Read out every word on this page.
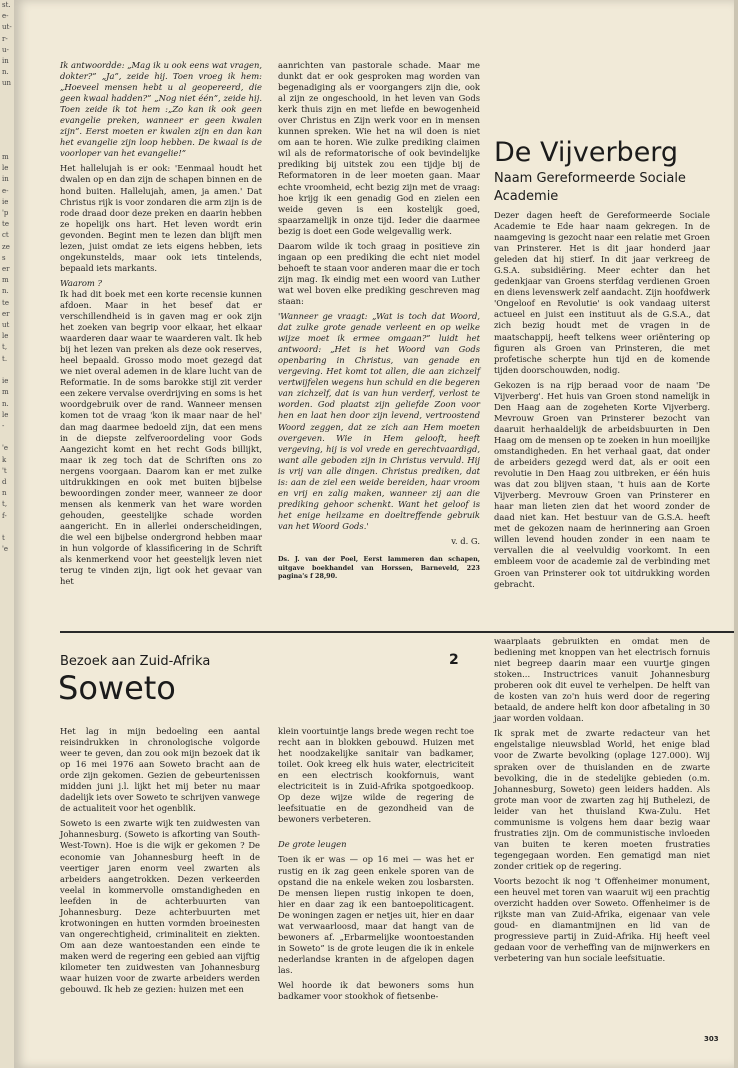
st.
e-
ut-
r-
u-
in
n.
un

m
le
in
e-
ie
'p
te
ct
ze
s
er
m
n.
te
er
ut
le
t,
t.

ie
m
n.
le
-

'e
k
't
d
n
t,
f-

t
'e

Ik antwoordde: „Mag ik u ook eens wat vragen, dokter?” „Ja”, zeide hij. Toen vroeg ik hem: „Hoeveel mensen hebt u al geopereerd, die geen kwaal hadden?” „Nog niet één”, zeide hij. Toen zeide ik tot hem :„Zo kan ik ook geen evangelie preken, wanneer er geen kwalen zijn”. Eerst moeten er kwalen zijn en dan kan het evangelie zijn loop hebben. De kwaal is de voorloper van het evangelie!”

Het hallelujah is er ook: 'Eenmaal houdt het dwalen op en dan zijn de schapen binnen en de hond buiten. Hallelujah, amen, ja amen.' Dat Christus rijk is voor zondaren die arm zijn is de rode draad door deze preken en daarin hebben ze hopelijk ons hart. Het leven wordt erin gevonden. Begint men te lezen dan blijft men lezen, juist omdat ze iets eigens hebben, iets ongekunstelds, maar ook iets tintelends, bepaald iets markants.

Waarom ?

Ik had dit boek met een korte recensie kunnen afdoen. Maar in het besef dat er verschillendheid is in gaven mag er ook zijn het zoeken van begrip voor elkaar, het elkaar waarderen daar waar te waarderen valt. Ik heb bij het lezen van preken als deze ook reserves, heel bepaald. Grosso modo moet gezegd dat we niet overal ademen in de klare lucht van de Reformatie. In de soms barokke stijl zit verder een zekere vervalse overdrijving en soms is het woordgebruik over de rand. Wanneer mensen komen tot de vraag 'kon ik maar naar de hel' dan mag daarmee bedoeld zijn, dat een mens in de diepste zelfveroordeling voor Gods Aangezicht komt en het recht Gods billijkt, maar ik zeg toch dat de Schriften ons zo nergens voorgaan. Daarom kan er met zulke uitdrukkingen en ook met buiten bijbelse bewoordingen zonder meer, wanneer ze door mensen als kenmerk van het ware worden gehouden, geestelijke schade worden aangericht. En in allerlei onderscheidingen, die wel een bijbelse ondergrond hebben maar in hun volgorde of klassificering in de Schrift als kenmerkend voor het geestelijk leven niet terug te vinden zijn, ligt ook het gevaar van het

aanrichten van pastorale schade. Maar me dunkt dat er ook gesproken mag worden van begenadiging als er voorgangers zijn die, ook al zijn ze ongeschoold, in het leven van Gods kerk thuis zijn en met liefde en bewogenheid over Christus en Zijn werk voor en in mensen kunnen spreken. Wie het na wil doen is niet om aan te horen. Wie zulke prediking claimen wil als de reformatorische of ook bevindelijke prediking bij uitstek zou een tijdje bij de Reformatoren in de leer moeten gaan. Maar echte vroomheid, echt bezig zijn met de vraag: hoe krijg ik een genadig God en zielen een weide geven is een kostelijk goed, spaarzamelijk in onze tijd. Ieder die daarmee bezig is doet een Gode welgevallig werk.

Daarom wilde ik toch graag in positieve zin ingaan op een prediking die echt niet model behoeft te staan voor anderen maar die er toch zijn mag. Ik eindig met een woord van Luther wat wel boven elke prediking geschreven mag staan:

'Wanneer ge vraagt: „Wat is toch dat Woord, dat zulke grote genade verleent en op welke wijze moet ik ermee omgaan?” luidt het antwoord: „Het is het Woord van Gods openbaring in Christus, van genade en vergeving. Het komt tot allen, die aan zichzelf vertwijfelen wegens hun schuld en die begeren van zichzelf, dat is van hun verderf, verlost te worden. God plaatst zijn geliefde Zoon voor hen en laat hen door zijn levend, vertroostend Woord zeggen, dat ze zich aan Hem moeten overgeven. Wie in Hem gelooft, heeft vergeving, hij is vol vrede en gerechtvaardigd, want alle geboden zijn in Christus vervuld. Hij is vrij van alle dingen. Christus prediken, dat is: aan de ziel een weide bereiden, haar vroom en vrij en zalig maken, wanneer zij aan die prediking gehoor schenkt. Want het geloof is het enige heilzame en doeltreffende gebruik van het Woord Gods.'

v. d. G.

Ds. J. van der Poel, Eerst lammeren dan schapen, uitgave boekhandel van Horssen, Barneveld, 223 pagina's f 28,90.
De Vijverberg
Naam Gereformeerde Sociale Academie

Dezer dagen heeft de Gereformeerde Sociale Academie te Ede haar naam gekregen. In de naamgeving is gezocht naar een relatie met Groen van Prinsterer. Het is dit jaar honderd jaar geleden dat hij stierf. In dit jaar verkreeg de G.S.A. subsidiëring. Meer echter dan het gedenkjaar van Groens sterfdag verdienen Groen en diens levenswerk zelf aandacht. Zijn hoofdwerk 'Ongeloof en Revolutie' is ook vandaag uiterst actueel en juist een instituut als de G.S.A., dat zich bezig houdt met de vragen in de maatschappij, heeft telkens weer oriëntering op figuren als Groen van Prinsteren, die met profetische scherpte hun tijd en de komende tijden doorschouwden, nodig.

Gekozen is na rijp beraad voor de naam 'De Vijverberg'. Het huis van Groen stond namelijk in Den Haag aan de zogeheten Korte Vijverberg. Mevrouw Groen van Prinsterer bezocht van daaruit herhaaldelijk de arbeidsbuurten in Den Haag om de mensen op te zoeken in hun moeilijke omstandigheden. En het verhaal gaat, dat onder de arbeiders gezegd werd dat, als er ooit een revolutie in Den Haag zou uitbreken, er één huis was dat zou blijven staan, 't huis aan de Korte Vijverberg. Mevrouw Groen van Prinsterer en haar man lieten zien dat het woord zonder de daad niet kan. Het bestuur van de G.S.A. heeft met de gekozen naam de herinnering aan Groen willen levend houden zonder in een naam te vervallen die al veelvuldig voorkomt. In een embleem voor de academie zal de verbinding met Groen van Prinsterer ook tot uitdrukking worden gebracht.

Bezoek aan Zuid-Afrika	2
Soweto

Het lag in mijn bedoeling een aantal reisindrukken in chronologische volgorde weer te geven, dan zou ook mijn bezoek dat ik op 16 mei 1976 aan Soweto bracht aan de orde zijn gekomen. Gezien de gebeurtenissen midden juni j.l. lijkt het mij beter nu maar dadelijk iets over Soweto te schrijven vanwege de actualiteit voor het ogenblik.

Soweto is een zwarte wijk ten zuidwesten van Johannesburg. (Soweto is afkorting van South-West-Town). Hoe is die wijk er gekomen ? De economie van Johannesburg heeft in de veertiger jaren enorm veel zwarten als arbeiders aangetrokken. Dezen verkeerden veelal in kommervolle omstandigheden en leefden in de achterbuurten van Johannesburg. Deze achterbuurten met krotwoningen en hutten vormden broeinesten van ongerechtigheid, criminaliteit en ziekten. Om aan deze wantoestanden een einde te maken werd de regering een gebied aan vijftig kilometer ten zuidwesten van Johannesburg waar huizen voor de zwarte arbeiders werden gebouwd. Ik heb ze gezien: huizen met een

klein voortuintje langs brede wegen recht toe recht aan in blokken gebouwd. Huizen met het noodzakelijke sanitair van badkamer, toilet. Ook kreeg elk huis water, electriciteit en een electrisch kookfornuis, want electriciteit is in Zuid-Afrika spotgoedkoop. Op deze wijze wilde de regering de leefsituatie en de gezondheid van de bewoners verbeteren.

De grote leugen

Toen ik er was — op 16 mei — was het er rustig en ik zag geen enkele sporen van de opstand die na enkele weken zou losbarsten. De mensen liepen rustig inkopen te doen, hier en daar zag ik een bantoepoliticagent. De woningen zagen er netjes uit, hier en daar wat verwaarloosd, maar dat hangt van de bewoners af. „Erbarmelijke woontoestanden in Soweto” is de grote leugen die ik in enkele nederlandse kranten in de afgelopen dagen las.

Wel hoorde ik dat bewoners soms hun badkamer voor stookhok of fietsenbe-

waarplaats gebruikten en omdat men de bediening met knoppen van het electrisch fornuis niet begreep daarin maar een vuurtje gingen stoken... Instructrices vanuit Johannesburg proberen ook dit euvel te verhelpen. De helft van de kosten van zo'n huis werd door de regering betaald, de andere helft kon door afbetaling in 30 jaar worden voldaan.

Ik sprak met de zwarte redacteur van het engelstalige nieuwsblad World, het enige blad voor de Zwarte bevolking (oplage 127.000). Wij spraken over de thuislanden en de zwarte bevolking, die in de stedelijke gebieden (o.m. Johannesburg, Soweto) geen leiders hadden. Als grote man voor de zwarten zag hij Buthelezi, de leider van het thuisland Kwa-Zulu. Het communisme is volgens hem daar bezig waar frustraties zijn. Om de communistische invloeden van buiten te keren moeten frustraties tegengegaan worden. Een gematigd man niet zonder critiek op de regering.

Voorts bezocht ik nog 't Offenheimer monument, een heuvel met toren van waaruit wij een prachtig overzicht hadden over Soweto. Offenheimer is de rijkste man van Zuid-Afrika, eigenaar van vele goud- en diamantmijnen en lid van de progressieve partij in Zuid-Afrika. Hij heeft veel gedaan voor de verheffing van de mijnwerkers en verbetering van hun sociale leefsituatie.

303
